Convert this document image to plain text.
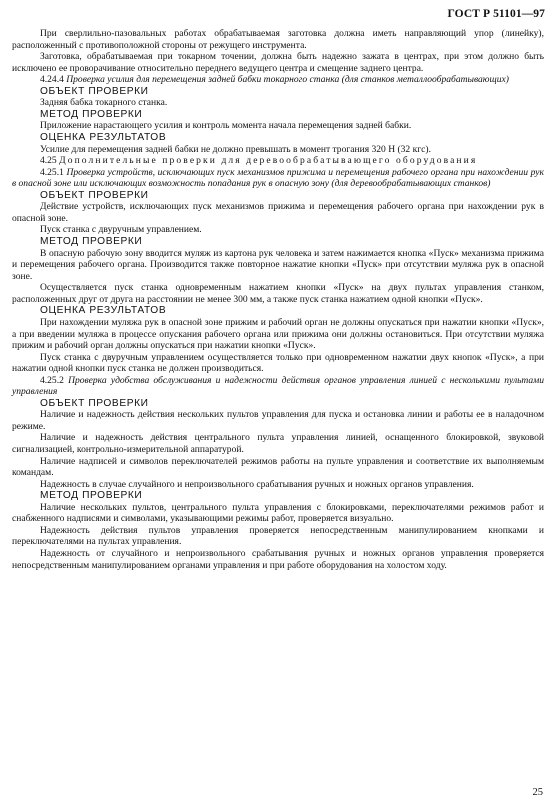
ГОСТ Р 51101—97

При сверлильно-пазовальных работах обрабатываемая заготовка должна иметь направляющий упор (линейку), расположенный с противоположной стороны от режущего инструмента.

Заготовка, обрабатываемая при токарном точении, должна быть надежно зажата в центрах, при этом должно быть исключено ее проворачивание относительно переднего ведущего центра и смещение заднего центра.

4.24.4 Проверка усилия для перемещения задней бабки токарного станка (для станков металлообрабатывающих)

ОБЪЕКТ ПРОВЕРКИ

Задняя бабка токарного станка.

МЕТОД ПРОВЕРКИ

Приложение нарастающего усилия и контроль момента начала перемещения задней бабки.

ОЦЕНКА РЕЗУЛЬТАТОВ

Усилие для перемещения задней бабки не должно превышать в момент трогания 320 Н (32 кгс).

4.25 Дополнительные проверки для деревообрабатывающего оборудования

4.25.1 Проверка устройств, исключающих пуск механизмов прижима и перемещения рабочего органа при нахождении рук в опасной зоне или исключающих возможность попадания рук в опасную зону (для деревообрабатывающих станков)

ОБЪЕКТ ПРОВЕРКИ

Действие устройств, исключающих пуск механизмов прижима и перемещения рабочего органа при нахождении рук в опасной зоне.

Пуск станка с двуручным управлением.

МЕТОД ПРОВЕРКИ

В опасную рабочую зону вводится муляж из картона рук человека и затем нажимается кнопка «Пуск» механизма прижима и перемещения рабочего органа. Производится также повторное нажатие кнопки «Пуск» при отсутствии муляжа рук в опасной зоне.

Осуществляется пуск станка одновременным нажатием кнопки «Пуск» на двух пультах управления станком, расположенных друг от друга на расстоянии не менее 300 мм, а также пуск станка нажатием одной кнопки «Пуск».

ОЦЕНКА РЕЗУЛЬТАТОВ

При нахождении муляжа рук в опасной зоне прижим и рабочий орган не должны опускаться при нажатии кнопки «Пуск», а при введении муляжа в процессе опускания рабочего органа или прижима они должны остановиться. При отсутствии муляжа прижим и рабочий орган должны опускаться при нажатии кнопки «Пуск».

Пуск станка с двуручным управлением осуществляется только при одновременном нажатии двух кнопок «Пуск», а при нажатии одной кнопки пуск станка не должен производиться.

4.25.2 Проверка удобства обслуживания и надежности действия органов управления линией с несколькими пультами управления

ОБЪЕКТ ПРОВЕРКИ

Наличие и надежность действия нескольких пультов управления для пуска и остановка линии и работы ее в наладочном режиме.

Наличие и надежность действия центрального пульта управления линией, оснащенного блокировкой, звуковой сигнализацией, контрольно-измерительной аппаратурой.

Наличие надписей и символов переключателей режимов работы на пульте управления и соответствие их выполняемым командам.

Надежность в случае случайного и непроизвольного срабатывания ручных и ножных органов управления.

МЕТОД ПРОВЕРКИ

Наличие нескольких пультов, центрального пульта управления с блокировками, переключателями режимов работ и снабженного надписями и символами, указывающими режимы работ, проверяется визуально.

Надежность действия пультов управления проверяется непосредственным манипулированием кнопками и переключателями на пультах управления.

Надежность от случайного и непроизвольного срабатывания ручных и ножных органов управления проверяется непосредственным манипулированием органами управления и при работе оборудования на холостом ходу.

25
